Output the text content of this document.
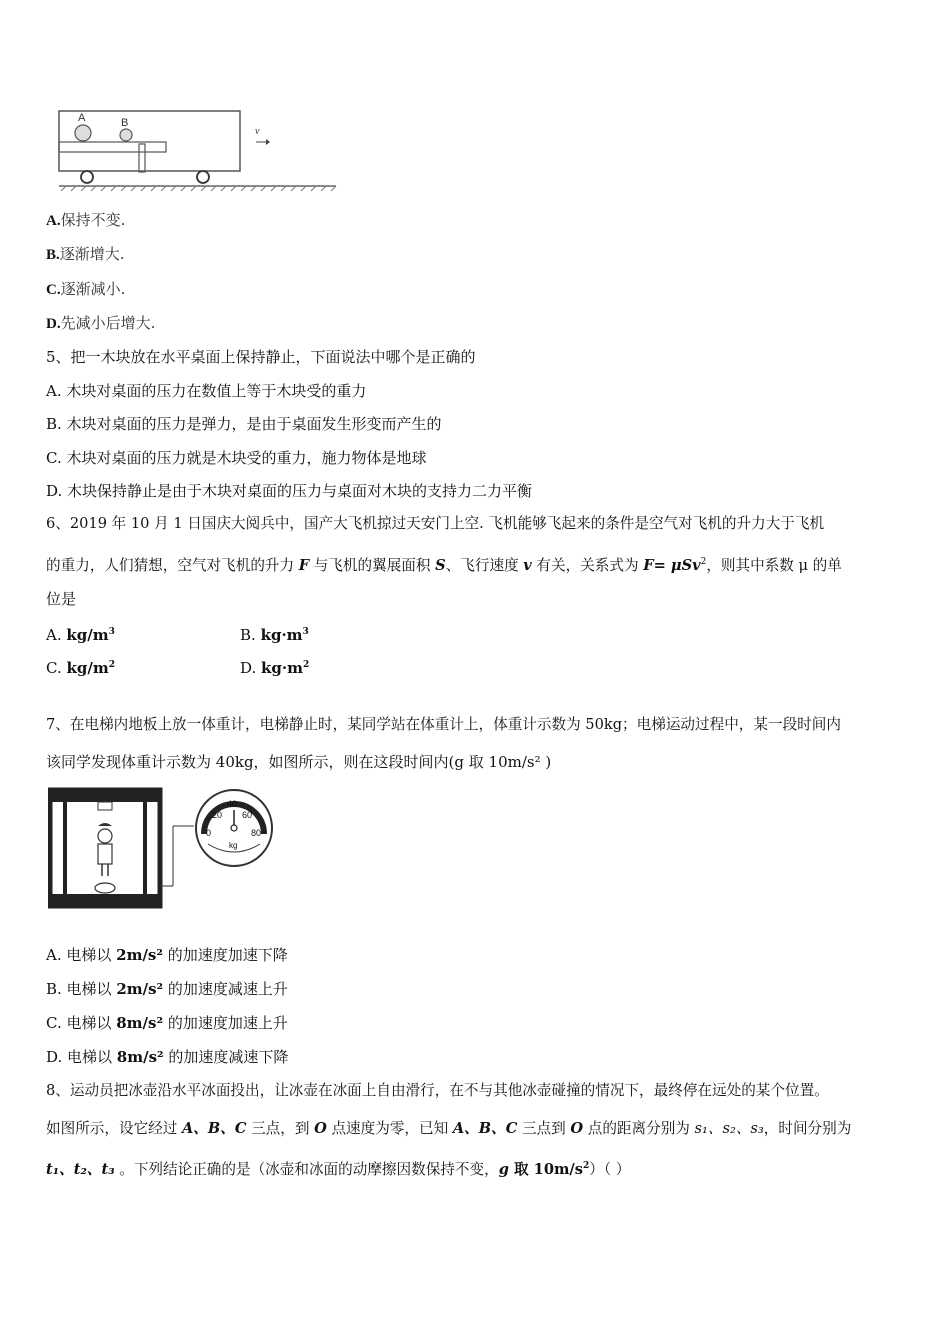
A	B
v
A.保持不变.
B.逐渐增大.
C.逐渐减小.
D.先减小后增大.
5、把一木块放在水平桌面上保持静止，下面说法中哪个是正确的
A. 木块对桌面的压力在数值上等于木块受的重力
B. 木块对桌面的压力是弹力，是由于桌面发生形变而产生的
C. 木块对桌面的压力就是木块受的重力，施力物体是地球
D. 木块保持静止是由于木块对桌面的压力与桌面对木块的支持力二力平衡
6、2019 年 10 月 1 日国庆大阅兵中，国产大飞机掠过天安门上空. 飞机能够飞起来的条件是空气对飞机的升力大于飞机
的重力，人们猜想，空气对飞机的升力 F 与飞机的翼展面积 S、飞行速度 v 有关，关系式为 F= μSv$^2$，则其中系数 μ 的单
位是
A. $kg/m^3$	B. $kg\cdot m^3$
C. $kg/m^2$	D. $kg\cdot m^2$
7、在电梯内地板上放一体重计，电梯静止时，某同学站在体重计上，体重计示数为 50kg；电梯运动过程中，某一段时间内
该同学发现体重计示数为 40kg，如图所示，则在这段时间内(g 取 10m/s² )
0
20
40
60
80
kg
A. 电梯以 2m/s² 的加速度加速下降
B. 电梯以 2m/s² 的加速度减速上升
C. 电梯以 8m/s² 的加速度加速上升
D. 电梯以 8m/s² 的加速度减速下降
8、运动员把冰壶沿水平冰面投出，让冰壶在冰面上自由滑行，在不与其他冰壶碰撞的情况下，最终停在远处的某个位置。
如图所示，设它经过 A、B、C 三点，到 O 点速度为零，已知 A、B、C 三点到 O 点的距离分别为 s₁、s₂、s₃，时间分别为
t₁、t₂、t₃ 。下列结论正确的是（冰壶和冰面的动摩擦因数保持不变，g 取 $10m/s^2$）（ ）
